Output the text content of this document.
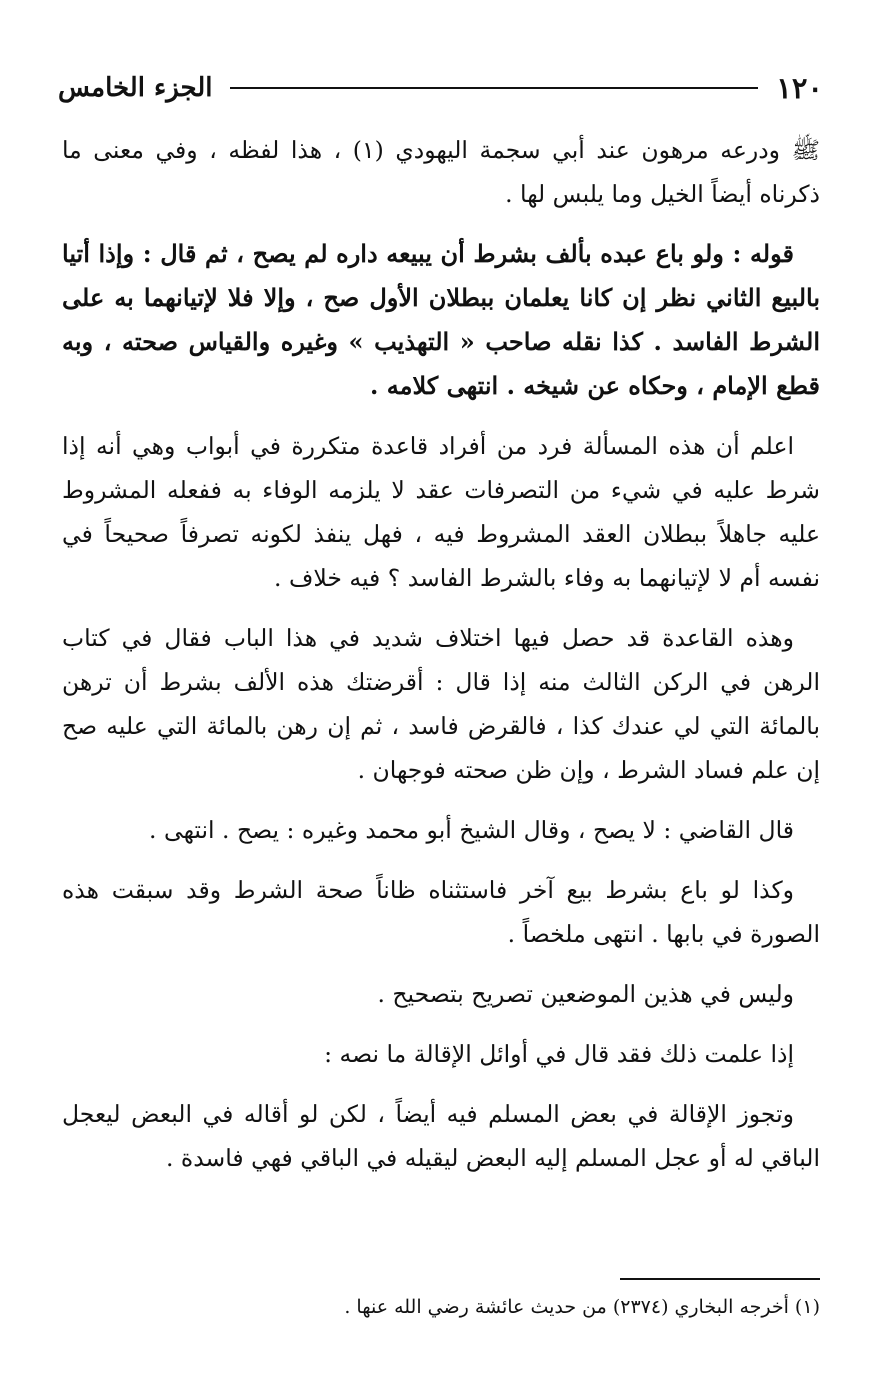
١٢٠
الجزء الخامس

ﷺ ودرعه مرهون عند أبي سجمة اليهودي (١) ، هذا لفظه ، وفي معنى ما ذكرناه أيضاً الخيل وما يلبس لها .

قوله : ولو باع عبده بألف بشرط أن يبيعه داره لم يصح ، ثم قال : وإذا أتيا بالبيع الثاني نظر إن كانا يعلمان ببطلان الأول صح ، وإلا فلا لإتيانهما به على الشرط الفاسد . كذا نقله صاحب « التهذيب » وغيره والقياس صحته ، وبه قطع الإمام ، وحكاه عن شيخه . انتهى كلامه .

اعلم أن هذه المسألة فرد من أفراد قاعدة متكررة في أبواب وهي أنه إذا شرط عليه في شيء من التصرفات عقد لا يلزمه الوفاء به ففعله المشروط عليه جاهلاً ببطلان العقد المشروط فيه ، فهل ينفذ لكونه تصرفاً صحيحاً في نفسه أم لا لإتيانهما به وفاء بالشرط الفاسد ؟ فيه خلاف .

وهذه القاعدة قد حصل فيها اختلاف شديد في هذا الباب فقال في كتاب الرهن في الركن الثالث منه إذا قال : أقرضتك هذه الألف بشرط أن ترهن بالمائة التي لي عندك كذا ، فالقرض فاسد ، ثم إن رهن بالمائة التي عليه صح إن علم فساد الشرط ، وإن ظن صحته فوجهان .

قال القاضي : لا يصح ، وقال الشيخ أبو محمد وغيره : يصح . انتهى .

وكذا لو باع بشرط بيع آخر فاستثناه ظاناً صحة الشرط وقد سبقت هذه الصورة في بابها . انتهى ملخصاً .

وليس في هذين الموضعين تصريح بتصحيح .

إذا علمت ذلك فقد قال في أوائل الإقالة ما نصه :

وتجوز الإقالة في بعض المسلم فيه أيضاً ، لكن لو أقاله في البعض ليعجل الباقي له أو عجل المسلم إليه البعض ليقيله في الباقي فهي فاسدة .

(١) أخرجه البخاري (٢٣٧٤) من حديث عائشة رضي الله عنها .
